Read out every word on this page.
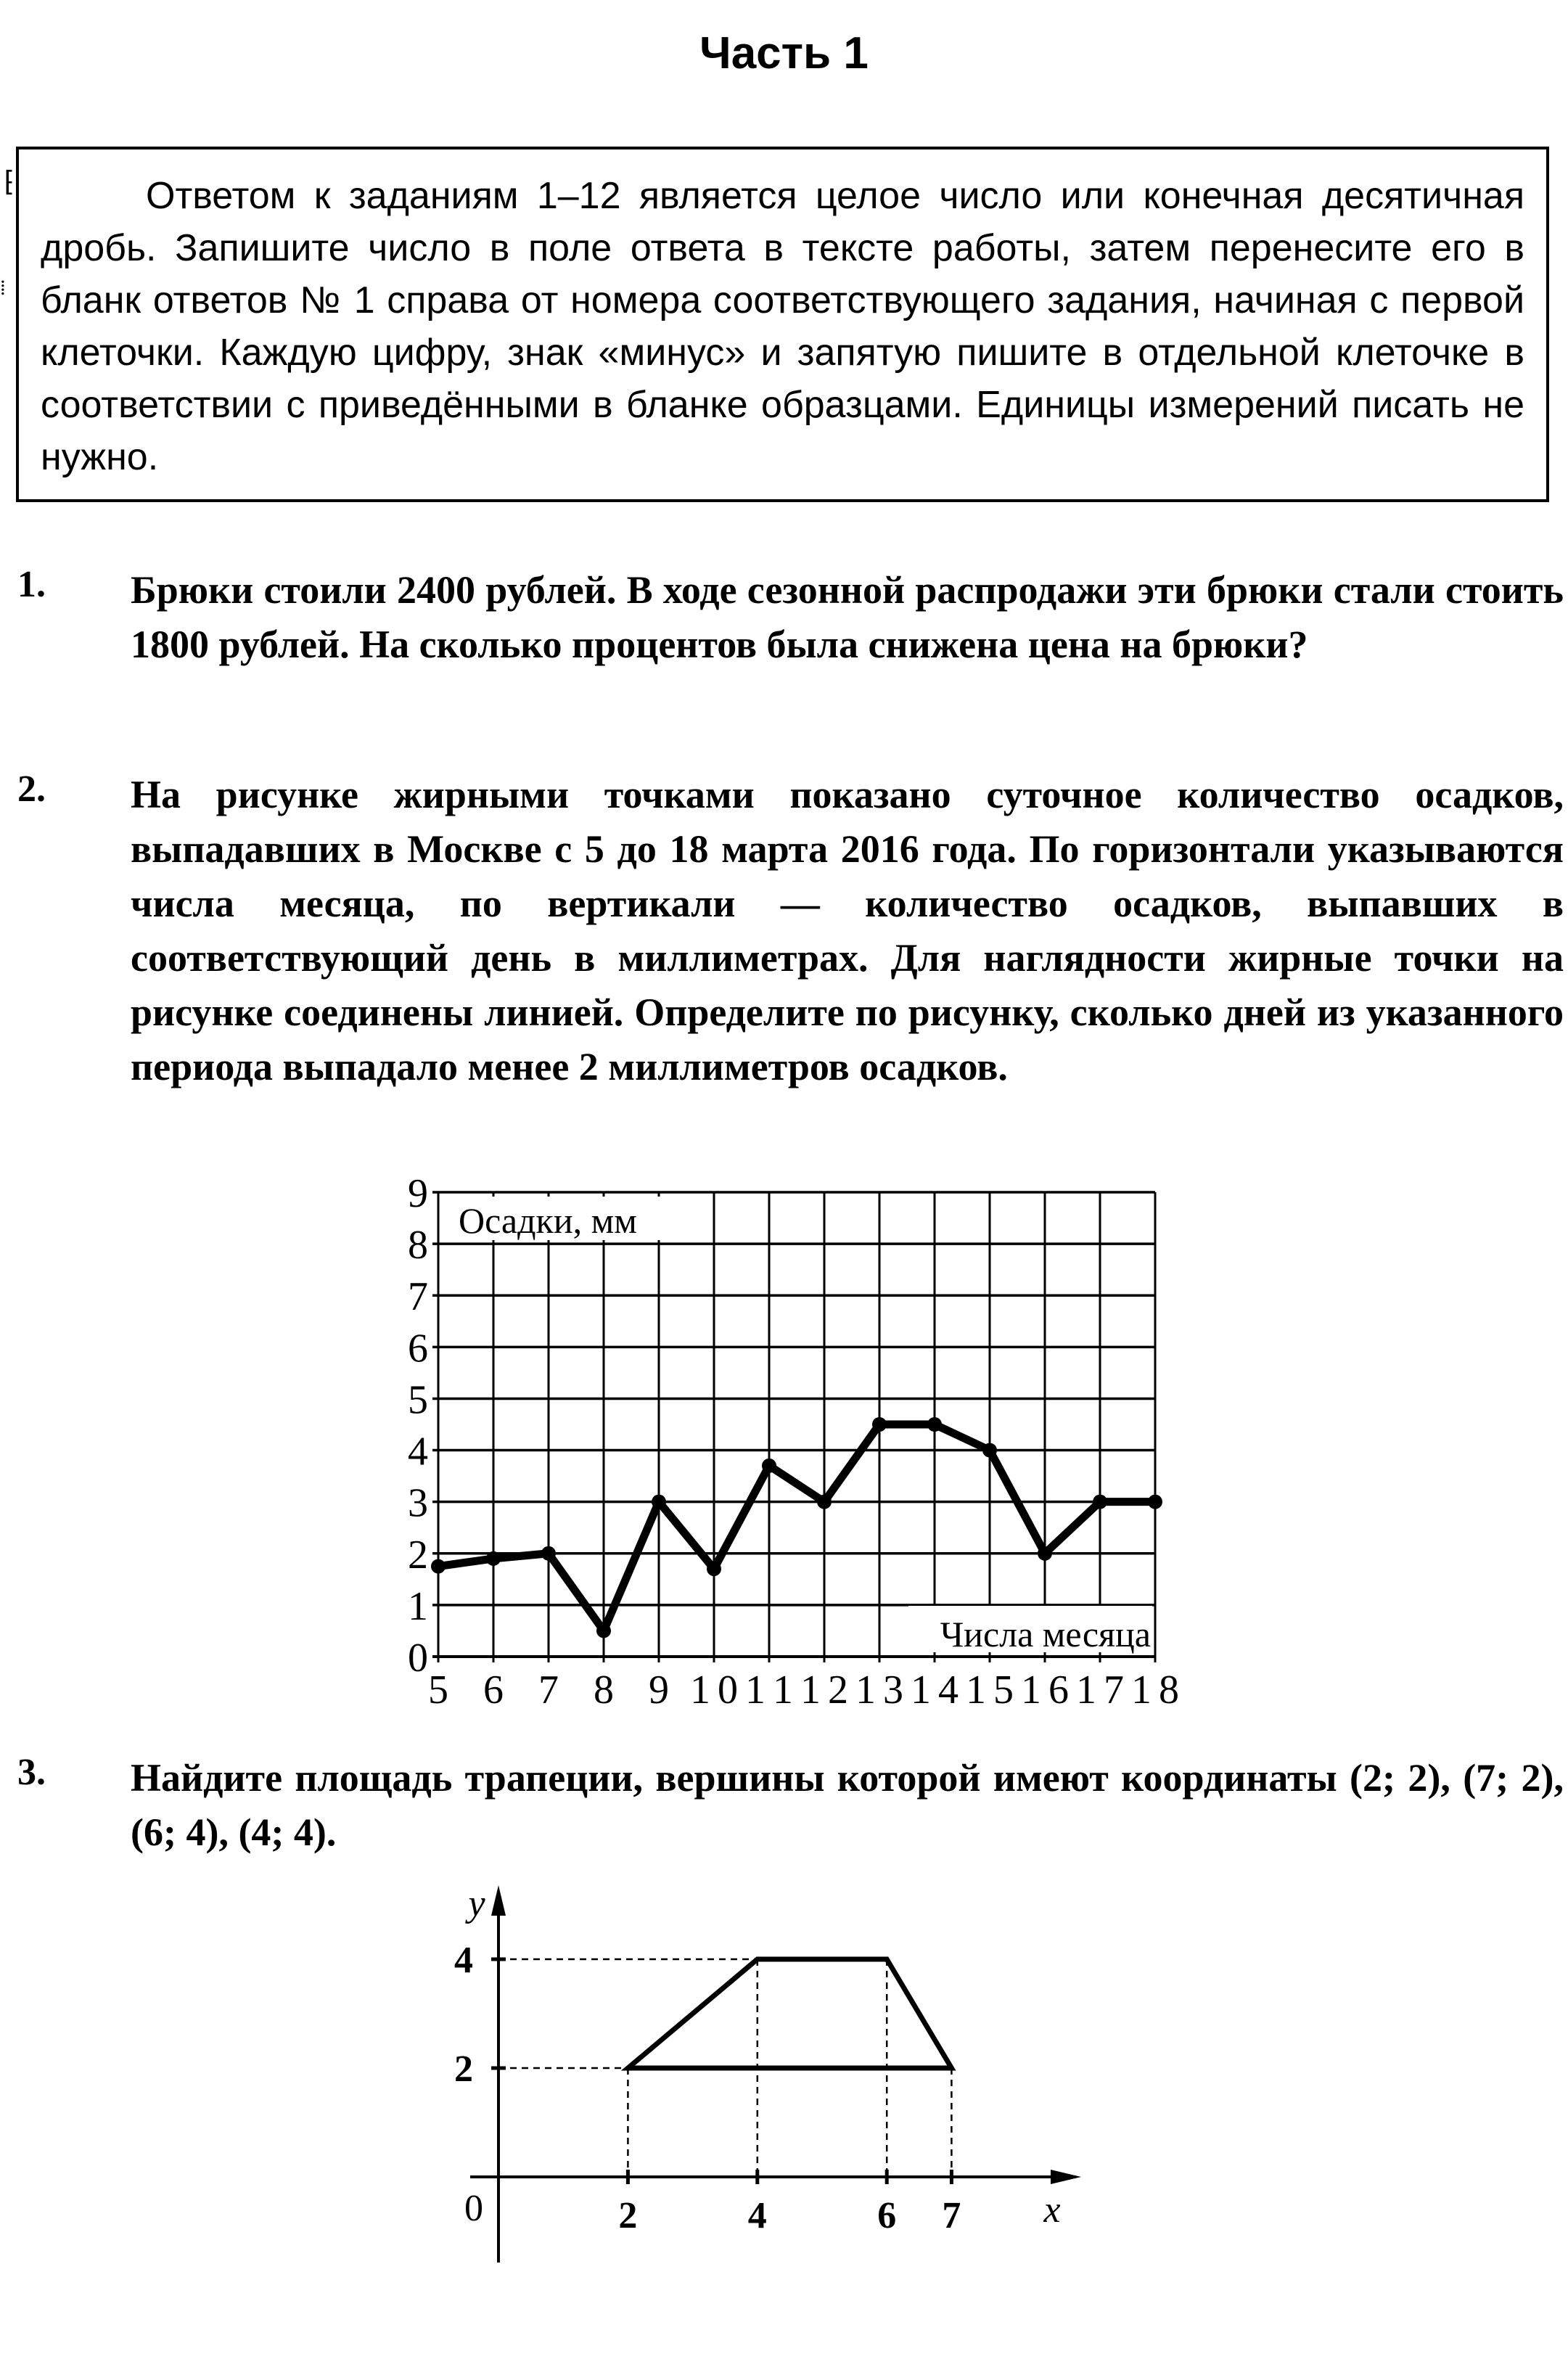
Часть 1
⁅
⁞

Ответом к заданиям 1–12 является целое число или конечная десятичная дробь. Запишите число в поле ответа в тексте работы, затем перенесите его в бланк ответов № 1 справа от номера соответствующего задания, начиная с первой клеточки. Каждую цифру, знак «минус» и запятую пишите в отдельной клеточке в соответствии с приведёнными в бланке образцами. Единицы измерений писать не нужно.

1. Брюки стоили 2400 рублей. В ходе сезонной распродажи эти брюки стали стоить 1800 рублей. На сколько процентов была снижена цена на брюки?
2. На рисунке жирными точками показано суточное количество осадков, выпадавших в Москве с 5 до 18 марта 2016 года. По горизонтали указываются числа месяца, по вертикали — количество осадков, выпавших в соответствующий день в миллиметрах. Для наглядности жирные точки на рисунке соединены линией. Определите по рисунку, сколько дней из указанного периода выпадало менее 2 миллиметров осадков.
3. Найдите площадь трапеции, вершины которой имеют координаты (2; 2), (7; 2), (6; 4), (4; 4).
Осадки, мм
Числа месяца
0
1
2
3
4
5
6
7
8
9
5 6 7 8 9 10 11 12 13 14 15 16 17 18
2	4	6 7
2
4
0	x
y
